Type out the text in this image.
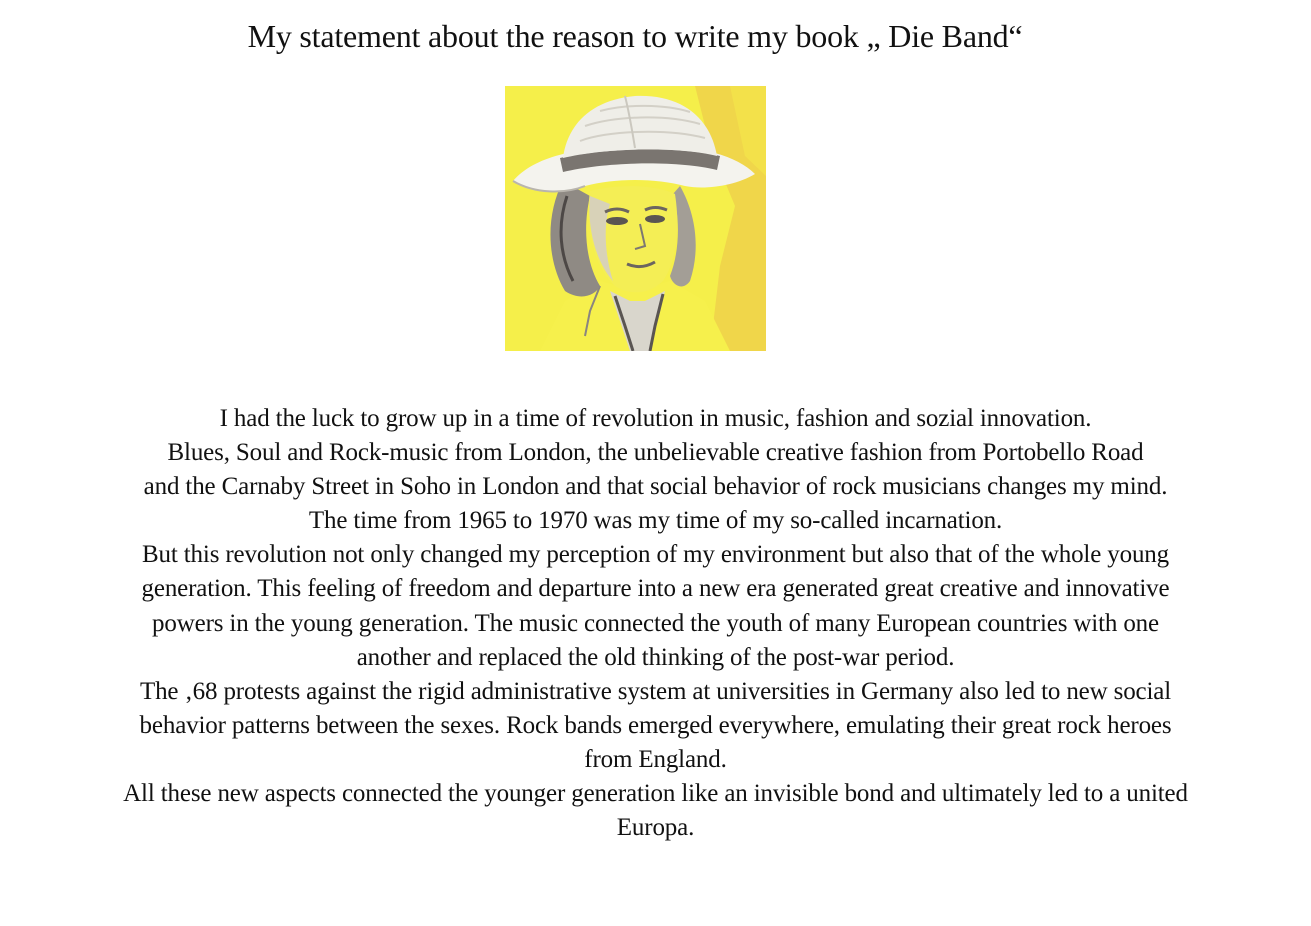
My statement about the reason to write my book „ Die Band“
I had the luck to grow up in a time of revolution in music, fashion and sozial innovation.
Blues, Soul and Rock-music from London, the unbelievable creative fashion from Portobello Road
and the Carnaby Street in Soho in London and that social behavior of rock musicians changes my mind.
The time from 1965 to 1970 was my time of my so-called incarnation.
But this revolution not only changed my perception of my environment but also that of the whole young
generation. This feeling of freedom and departure into a new era generated great creative and innovative
powers in the young generation. The music connected the youth of many European countries with one
another and replaced the old thinking of the post-war period.
The ‚68 protests against the rigid administrative system at universities in Germany also led to new social
behavior patterns between the sexes. Rock bands emerged everywhere, emulating their great rock heroes
from England.
All these new aspects connected the younger generation like an invisible bond and ultimately led to a united
Europa.
